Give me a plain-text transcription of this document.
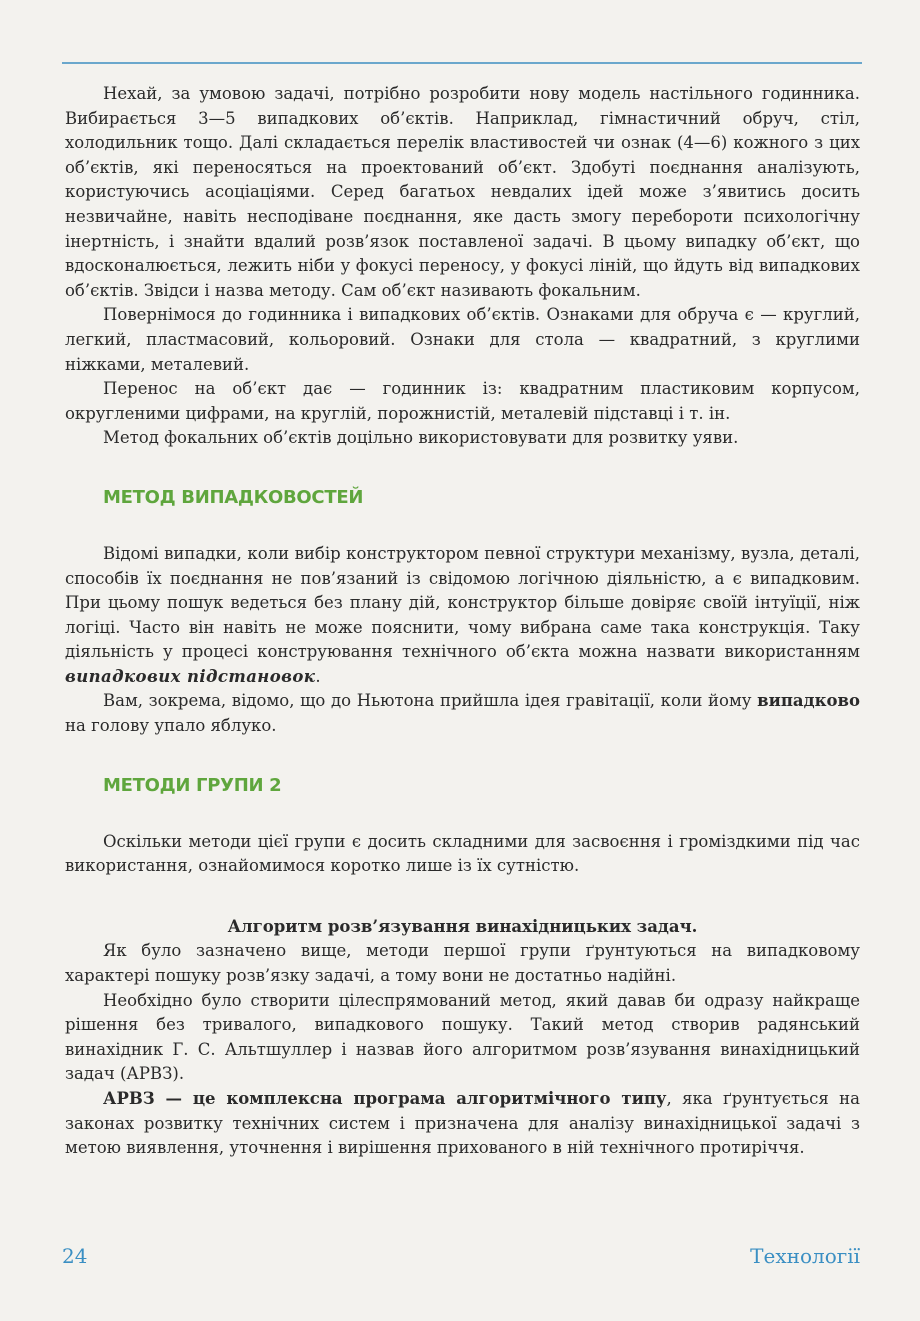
Нехай, за умовою задачі, потрібно розробити нову модель настільного годинника. Вибирається 3—5 випадкових об’єктів. Наприклад, гімнастичний обруч, стіл, холодильник тощо. Далі складається перелік властивостей чи ознак (4—6) кожного з цих об’єктів, які переносяться на проектований об’єкт. Здобуті поєднання аналізують, користуючись асоціаціями. Серед багатьох невдалих ідей може з’явитись досить незвичайне, навіть несподіване поєднання, яке дасть змогу перебороти психологічну інертність, і знайти вдалий розв’язок поставленої задачі. В цьому випадку об’єкт, що вдосконалюється, лежить ніби у фокусі переносу, у фокусі ліній, що йдуть від випадкових об’єктів. Звідси і назва методу. Сам об’єкт називають фокальним.

Повернімося до годинника і випадкових об’єктів. Ознаками для обруча є — круглий, легкий, пластмасовий, кольоровий. Ознаки для стола — квадратний, з круглими ніжками, металевий.

Перенос на об’єкт дає — годинник із: квадратним пластиковим корпусом, округленими цифрами, на круглій, порожнистій, металевій підставці і т. ін.

Метод фокальних об’єктів доцільно використовувати для розвитку уяви.

МЕТОД ВИПАДКОВОСТЕЙ

Відомі випадки, коли вибір конструктором певної структури механізму, вузла, деталі, способів їх поєднання не пов’язаний із свідомою логічною діяльністю, а є випадковим. При цьому пошук ведеться без плану дій, конструктор більше довіряє своїй інтуїції, ніж логіці. Часто він навіть не може пояснити, чому вибрана саме така конструкція. Таку діяльність у процесі конструювання технічного об’єкта можна назвати використанням випадкових підстановок.

Вам, зокрема, відомо, що до Ньютона прийшла ідея гравітації, коли йому випадково на голову упало яблуко.

МЕТОДИ ГРУПИ 2

Оскільки методи цієї групи є досить складними для засвоєння і громіздкими під час використання, ознайомимося коротко лише із їх сутністю.

Алгоритм розв’язування винахідницьких задач.

Як було зазначено вище, методи першої групи ґрунтуються на випадковому характері пошуку розв’язку задачі, а тому вони не достатньо надійні.

Необхідно було створити цілеспрямований метод, який давав би одразу найкраще рішення без тривалого, випадкового пошуку. Такий метод створив радянський винахідник Г. С. Альтшуллер і назвав його алгоритмом розв’язування винахідницький задач (АРВЗ).

АРВЗ — це комплексна програма алгоритмічного типу, яка ґрунтується на законах розвитку технічних систем і призначена для аналізу винахідницької задачі з метою виявлення, уточнення і вирішення прихованого в ній технічного протиріччя.

24	Технології
